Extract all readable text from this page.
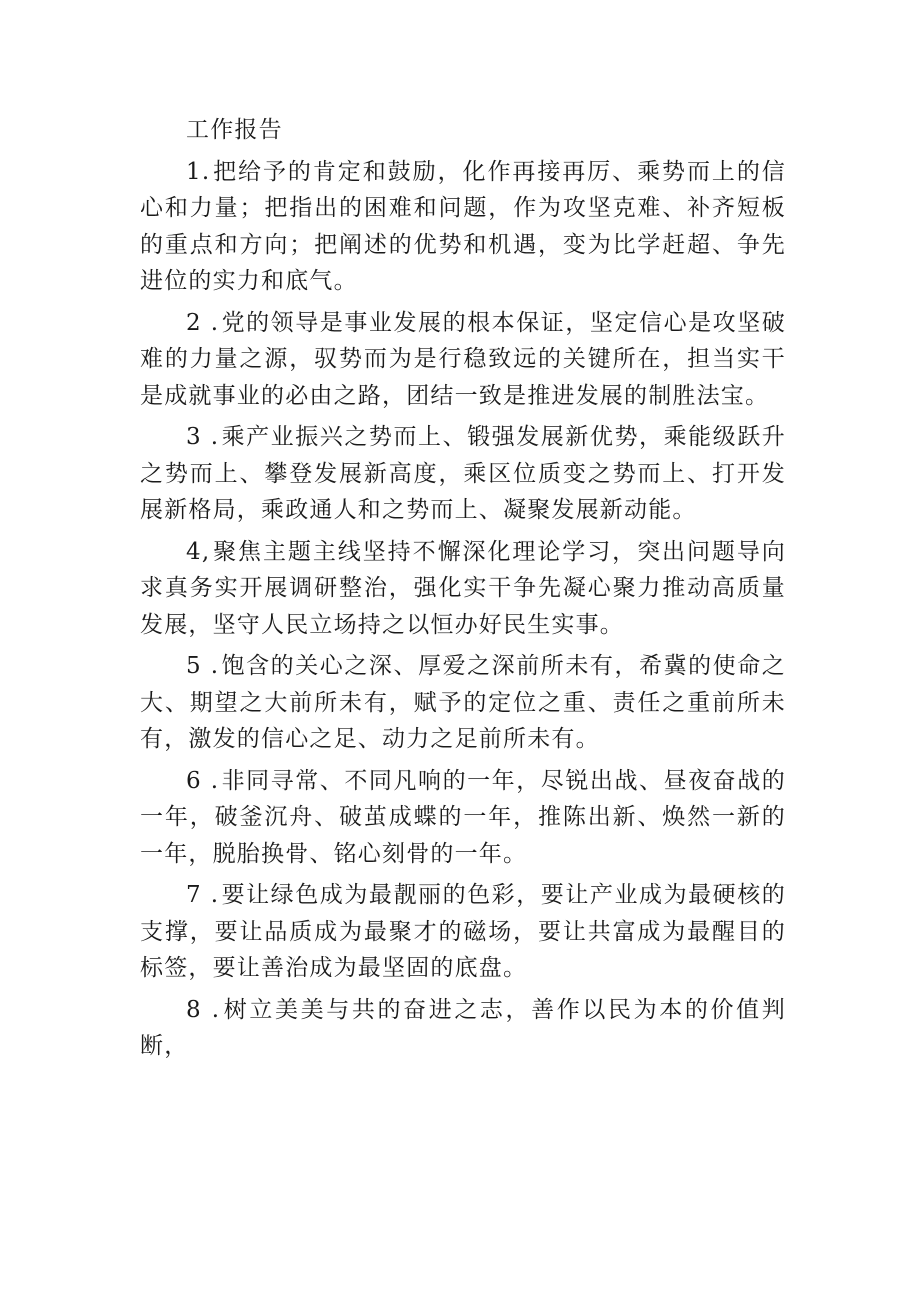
工作报告

1.把给予的肯定和鼓励，化作再接再厉、乘势而上的信心和力量；把指出的困难和问题，作为攻坚克难、补齐短板的重点和方向；把阐述的优势和机遇，变为比学赶超、争先进位的实力和底气。

2 .党的领导是事业发展的根本保证，坚定信心是攻坚破难的力量之源，驭势而为是行稳致远的关键所在，担当实干是成就事业的必由之路，团结一致是推进发展的制胜法宝。

3 .乘产业振兴之势而上、锻强发展新优势，乘能级跃升之势而上、攀登发展新高度，乘区位质变之势而上、打开发展新格局，乘政通人和之势而上、凝聚发展新动能。

4,聚焦主题主线坚持不懈深化理论学习，突出问题导向求真务实开展调研整治，强化实干争先凝心聚力推动高质量发展，坚守人民立场持之以恒办好民生实事。

5 .饱含的关心之深、厚爱之深前所未有，希冀的使命之大、期望之大前所未有，赋予的定位之重、责任之重前所未有，激发的信心之足、动力之足前所未有。

6 .非同寻常、不同凡响的一年，尽锐出战、昼夜奋战的一年，破釜沉舟、破茧成蝶的一年，推陈出新、焕然一新的一年，脱胎换骨、铭心刻骨的一年。

7 .要让绿色成为最靓丽的色彩，要让产业成为最硬核的支撑，要让品质成为最聚才的磁场，要让共富成为最醒目的标签，要让善治成为最坚固的底盘。

8 .树立美美与共的奋进之志，善作以民为本的价值判断，
